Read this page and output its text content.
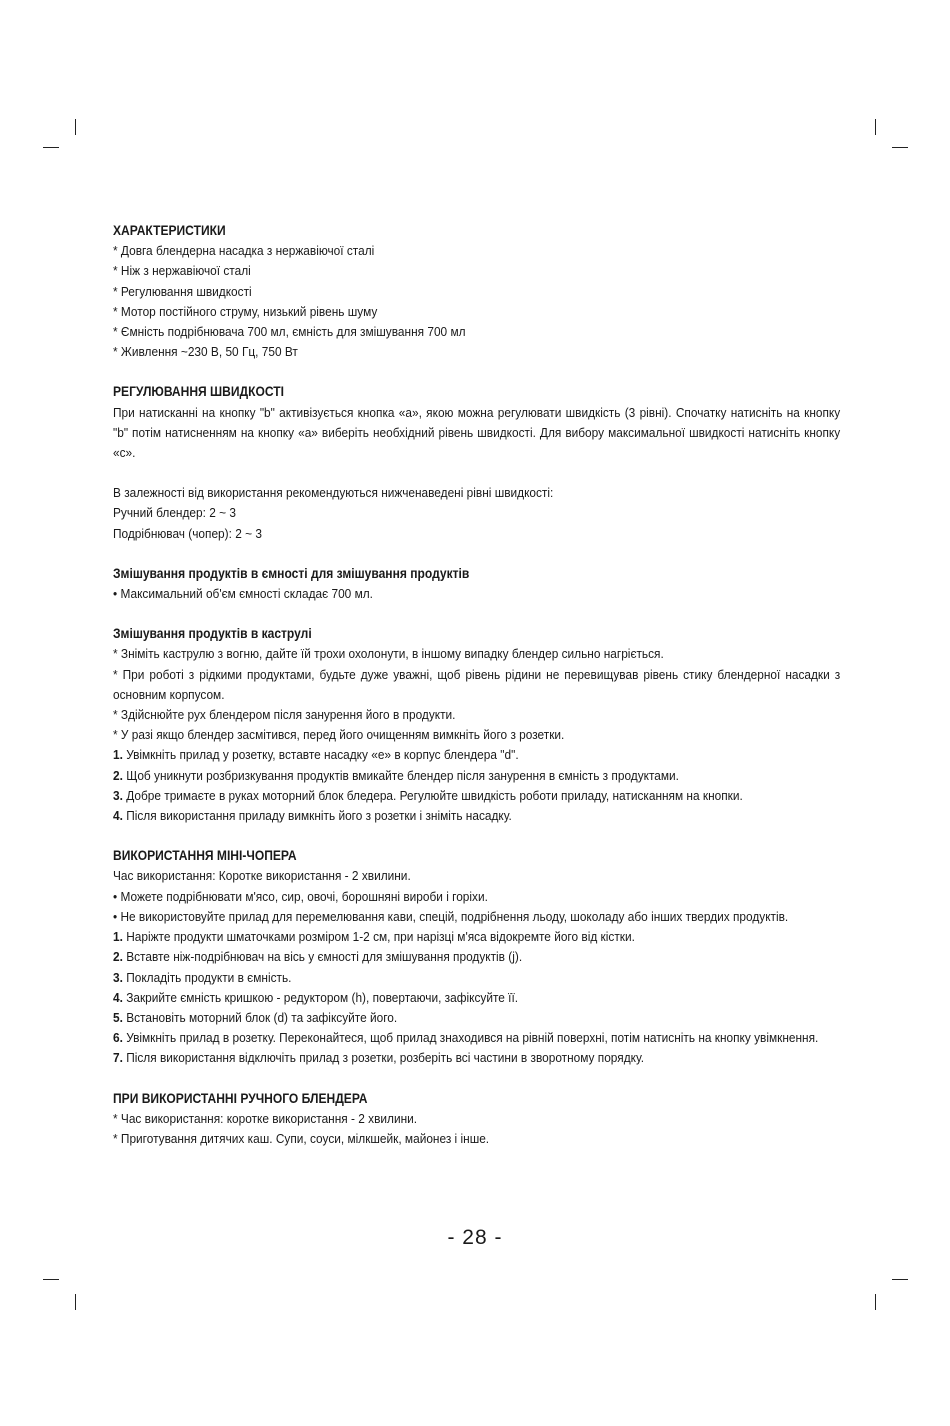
ХАРАКТЕРИСТИКИ

* Довга блендерна насадка з нержавіючої сталі

* Ніж з нержавіючої сталі

* Регулювання швидкості

* Мотор постійного струму, низький рівень шуму

* Ємність подрібнювача 700 мл, ємність для змішування 700 мл

* Живлення ~230 В, 50 Гц, 750 Вт

РЕГУЛЮВАННЯ ШВИДКОСТІ

При натисканні на кнопку "b" активізується кнопка «а», якою можна регулювати швидкість (3 рівні). Спочатку натисніть на кнопку "b" потім натисненням на кнопку «а» виберіть необхідний рівень швидкості. Для вибору максимальної швидкості натисніть кнопку «с».

В залежності від використання рекомендуються нижченаведені рівні швидкості:

Ручний блендер: 2 ~ 3

Подрібнювач (чопер): 2 ~ 3

Змішування продуктів в ємності для змішування продуктів

• Максимальний об'єм ємності складає 700 мл.

Змішування продуктів в каструлі

* Зніміть каструлю з вогню, дайте їй трохи охолонути, в іншому випадку блендер сильно нагріється.

* При роботі з рідкими продуктами, будьте дуже уважні, щоб рівень рідини не перевищував рівень стику блендерної насадки з основним корпусом.

* Здійснюйте рух блендером після занурення його в продукти.

* У разі якщо блендер засмітився, перед його очищенням вимкніть його з розетки.

1. Увімкніть прилад у розетку, вставте насадку «е» в корпус блендера "d".

2. Щоб уникнути розбризкування продуктів вмикайте блендер після занурення в ємність з продуктами.

3. Добре тримаєте в руках моторний блок бледера. Регулюйте швидкість роботи приладу, натисканням на кнопки.

4. Після використання приладу вимкніть його з розетки і зніміть насадку.

ВИКОРИСТАННЯ МІНІ-ЧОПЕРА

Час використання: Коротке використання - 2 хвилини.

• Можете подрібнювати м'ясо, сир, овочі, борошняні вироби і горіхи.

• Не використовуйте прилад для перемелювання кави, спецій, подрібнення льоду, шоколаду або інших твердих продуктів.

1. Наріжте продукти шматочками розміром 1-2 см, при нарізці м'яса відокремте його від кістки.

2. Вставте ніж-подрібнювач на вісь у ємності для змішування продуктів (j).

3. Покладіть продукти в ємність.

4. Закрийте ємність кришкою - редуктором (h), повертаючи, зафіксуйте її.

5. Встановіть моторний блок (d) та зафіксуйте його.

6. Увімкніть прилад в розетку. Переконайтеся, щоб прилад знаходився на рівній поверхні, потім натисніть на кнопку увімкнення.

7. Після використання відключіть прилад з розетки, розберіть всі частини в зворотному порядку.

ПРИ ВИКОРИСТАННІ РУЧНОГО БЛЕНДЕРА

* Час використання: коротке використання - 2 хвилини.

* Приготування дитячих каш. Супи, соуси, мілкшейк, майонез і інше.

- 28 -
